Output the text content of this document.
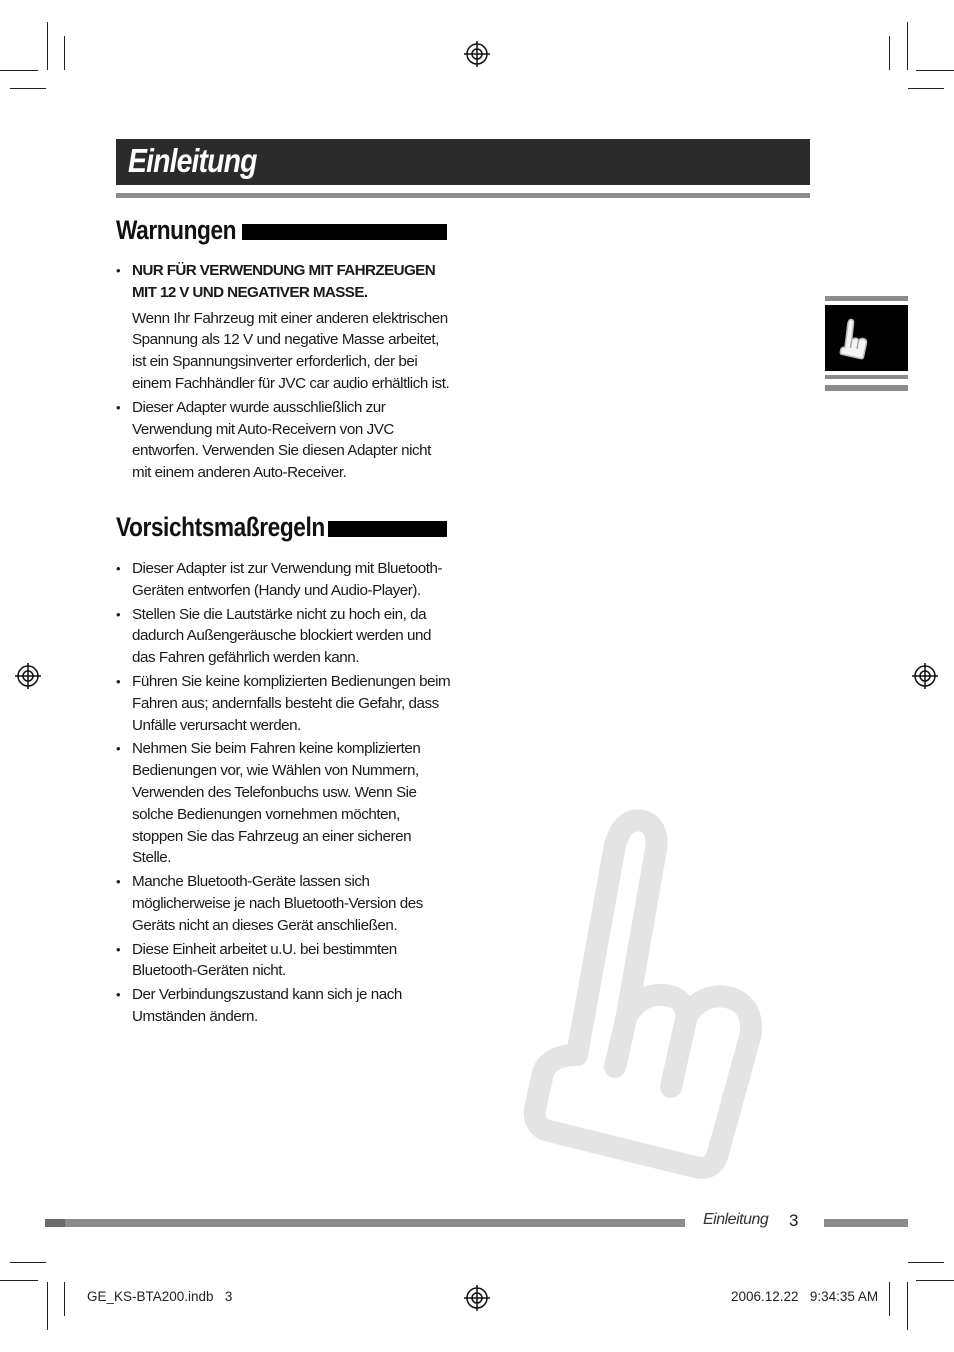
Einleitung
Warnungen
• NUR FÜR VERWENDUNG MIT FAHRZEUGEN MIT 12 V UND NEGATIVER MASSE.
Wenn Ihr Fahrzeug mit einer anderen elektrischen Spannung als 12 V und negative Masse arbeitet, ist ein Spannungsinverter erforderlich, der bei einem Fachhändler für JVC car audio erhältlich ist.
• Dieser Adapter wurde ausschließlich zur Verwendung mit Auto-Receivern von JVC entworfen. Verwenden Sie diesen Adapter nicht mit einem anderen Auto-Receiver.
Vorsichtsmaßregeln
• Dieser Adapter ist zur Verwendung mit Bluetooth-Geräten entworfen (Handy und Audio-Player).
• Stellen Sie die Lautstärke nicht zu hoch ein, da dadurch Außengeräusche blockiert werden und das Fahren gefährlich werden kann.
• Führen Sie keine komplizierten Bedienungen beim Fahren aus; andernfalls besteht die Gefahr, dass Unfälle verursacht werden.
• Nehmen Sie beim Fahren keine komplizierten Bedienungen vor, wie Wählen von Nummern, Verwenden des Telefonbuchs usw. Wenn Sie solche Bedienungen vornehmen möchten, stoppen Sie das Fahrzeug an einer sicheren Stelle.
• Manche Bluetooth-Geräte lassen sich möglicherweise je nach Bluetooth-Version des Geräts nicht an dieses Gerät anschließen.
• Diese Einheit arbeitet u.U. bei bestimmten Bluetooth-Geräten nicht.
• Der Verbindungszustand kann sich je nach Umständen ändern.
Einleitung 3
GE_KS-BTA200.indb   3	2006.12.22   9:34:35 AM
